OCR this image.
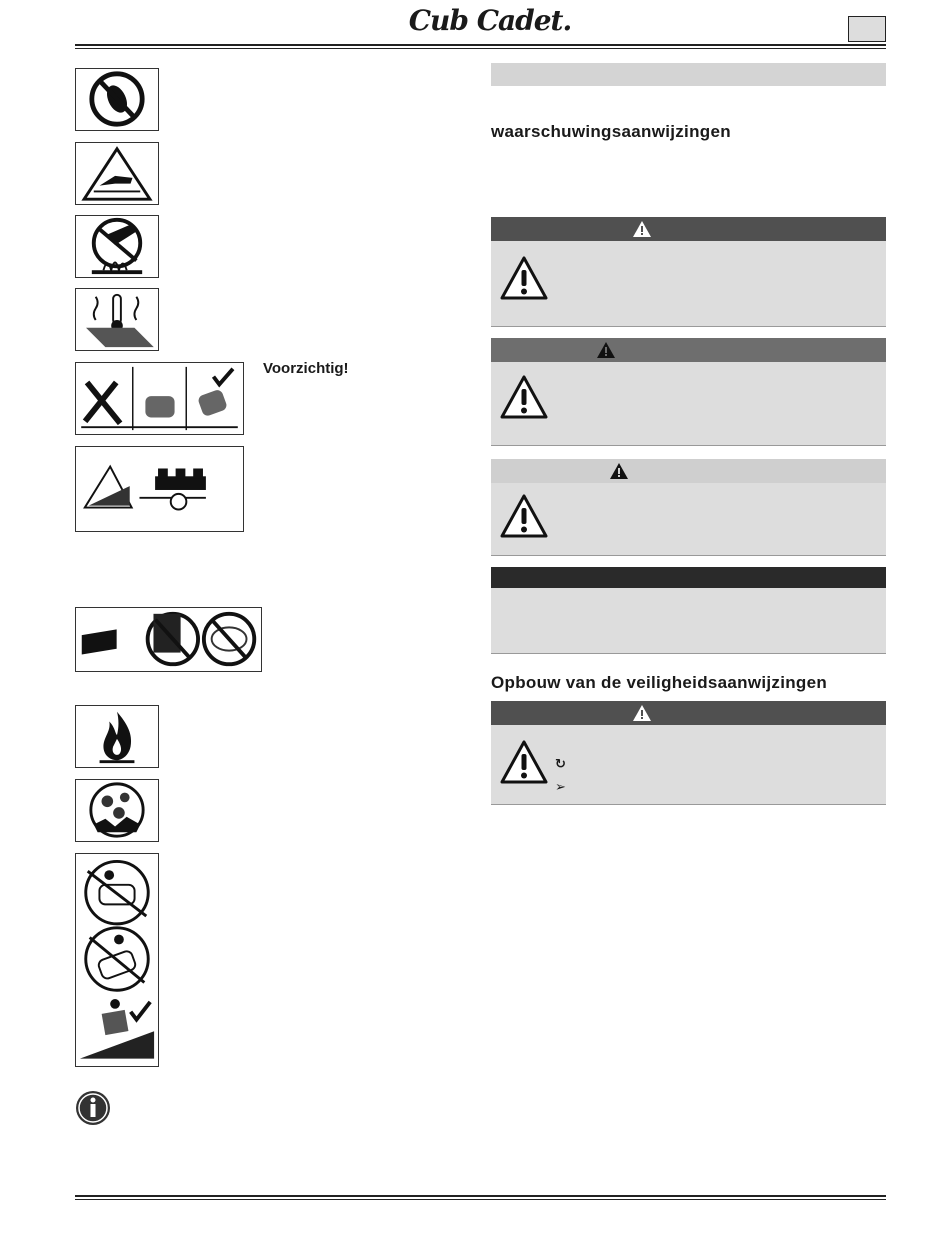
Cub Cadet.
Voorzichtig!
waarschuwingsaanwijzingen
Opbouw van de veiligheidsaanwijzingen
↻
➢
